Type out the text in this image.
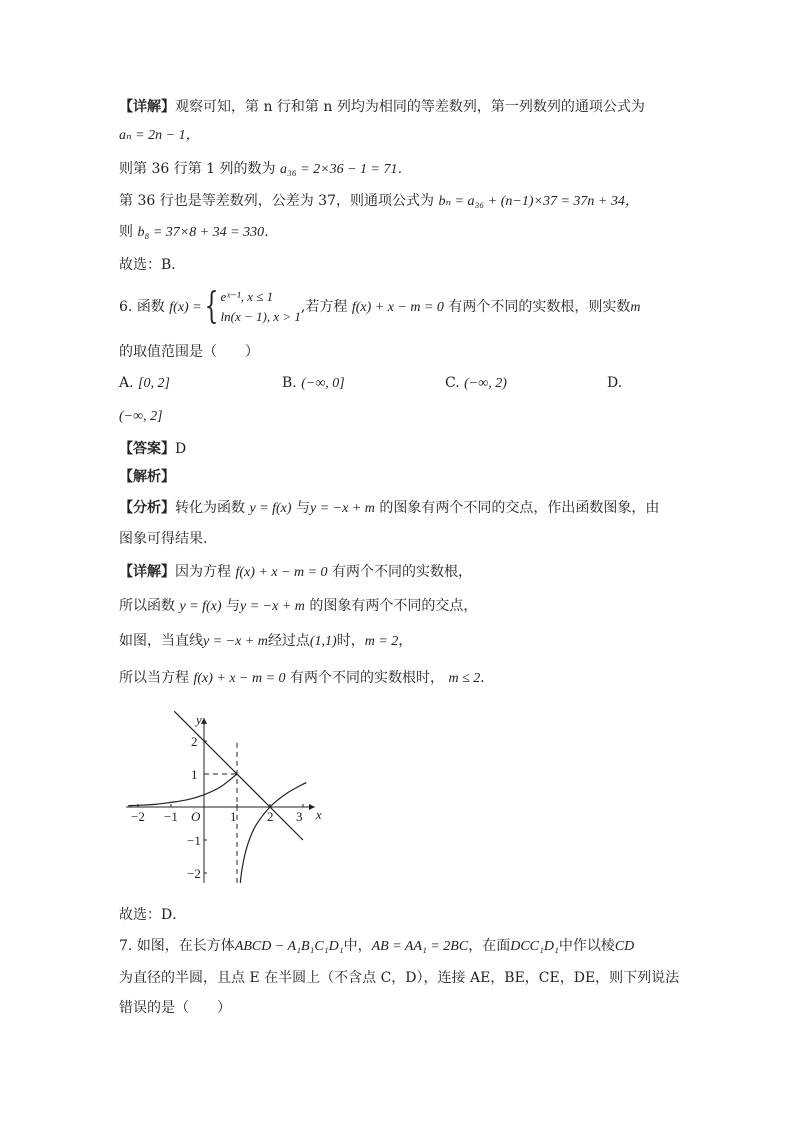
【详解】观察可知，第 n 行和第 n 列均为相同的等差数列，第一列数列的通项公式为
aₙ = 2n − 1，
则第 36 行第 1 列的数为 a₃₆ = 2×36 − 1 = 71．
第 36 行也是等差数列，公差为 37，则通项公式为 bₙ = a₃₆ + (n−1)×37 = 37n + 34，
则 b₈ = 37×8 + 34 = 330．
故选：B．
6. 函数 f(x) ={ eˣ⁻¹, x ≤ 1
ln(x − 1), x > 1,若方程 f(x) + x − m = 0 有两个不同的实数根，则实数m
的取值范围是（　　）
A. [0, 2]	B. (−∞, 0]	C. (−∞, 2)	D.
(−∞, 2]
【答案】D
【解析】
【分析】转化为函数 y = f(x) 与y = −x + m 的图象有两个不同的交点，作出函数图象，由
图象可得结果.
【详解】因为方程 f(x) + x − m = 0 有两个不同的实数根，
所以函数 y = f(x) 与y = −x + m 的图象有两个不同的交点，
如图，当直线y = −x + m经过点(1,1)时，m = 2，
所以当方程 f(x) + x − m = 0 有两个不同的实数根时， m ≤ 2．
−2 −1	1 2 3
2
1
−1
−2
O	x
y
故选：D．
7. 如图，在长方体ABCD − A₁B₁C₁D₁中，AB = AA₁ = 2BC，在面DCC₁D₁中作以棱CD
为直径的半圆，且点 E 在半圆上（不含点 C，D），连接 AE，BE，CE，DE，则下列说法
错误的是（　　）
